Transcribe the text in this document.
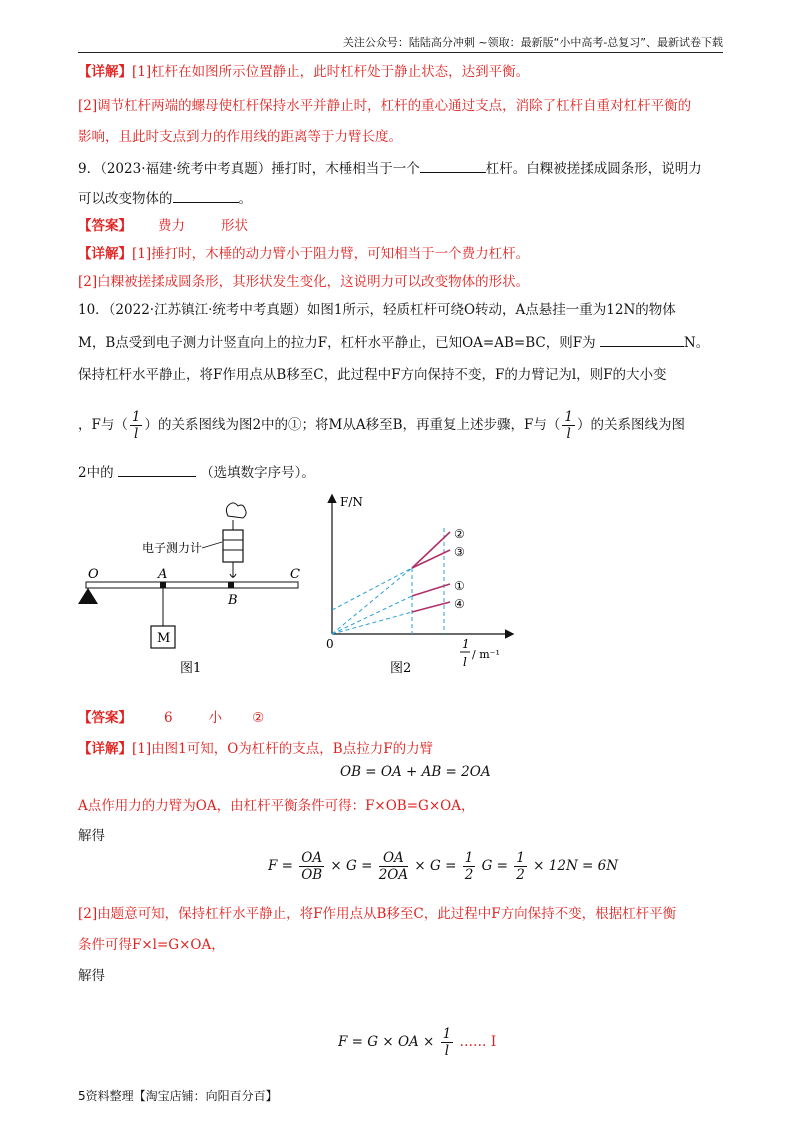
关注公众号：陆陆高分冲刺 ~领取：最新版“小中高考-总复习”、最新试卷下载
【详解】[1]杠杆在如图所示位置静止，此时杠杆处于静止状态，达到平衡。
[2]调节杠杆两端的螺母使杠杆保持水平并静止时，杠杆的重心通过支点，消除了杠杆自重对杠杆平衡的
影响，且此时支点到力的作用线的距离等于力臂长度。
9．（2023·福建·统考中考真题）捶打时，木棰相当于一个	杠杆。白粿被搓揉成圆条形，说明力
可以改变物体的	。
【答案】 费力	形状
【详解】[1]捶打时，木棰的动力臂小于阻力臂，可知相当于一个费力杠杆。
[2]白粿被搓揉成圆条形，其形状发生变化，这说明力可以改变物体的形状。
10．（2022·江苏镇江·统考中考真题）如图1所示，轻质杠杆可绕O转动，A点悬挂一重为12N的物体
M，B点受到电子测力计竖直向上的拉力F，杠杆水平静止，已知OA=AB=BC，则F为	N。
保持杠杆水平静止，将F作用点从B移至C，此过程中F方向保持不变，F的力臂记为l，则F的大小变
，F与（ $\frac{1}{l}$ ）的关系图线为图2中的①；将M从A移至B，再重复上述步骤，F与（ $\frac{1}{l}$ ）的关系图线为图
2中的	（选填数字序号）。
电子测力计
M
O	A
B
C
图1
F/N
0
②
③
①
④
1
l
/ m⁻¹
图2
【答案】 6	小 ②
【详解】[1]由图1可知，O为杠杆的支点，B点拉力F的力臂
OB = OA + AB = 2OA
A点作用力的力臂为OA，由杠杆平衡条件可得：F×OB=G×OA，
解得
$F = \frac{OA}{OB} \times G = \frac{OA}{2OA} \times G = \frac{1}{2}$ $G = \frac{1}{2} \times 12N = 6N$
[2]由题意可知，保持杠杆水平静止，将F作用点从B移至C，此过程中F方向保持不变，根据杠杆平衡
条件可得F×l=G×OA，
解得
F = G × OA × $\frac{1}{l}$ …… Ⅰ
5资料整理【淘宝店铺：向阳百分百】
